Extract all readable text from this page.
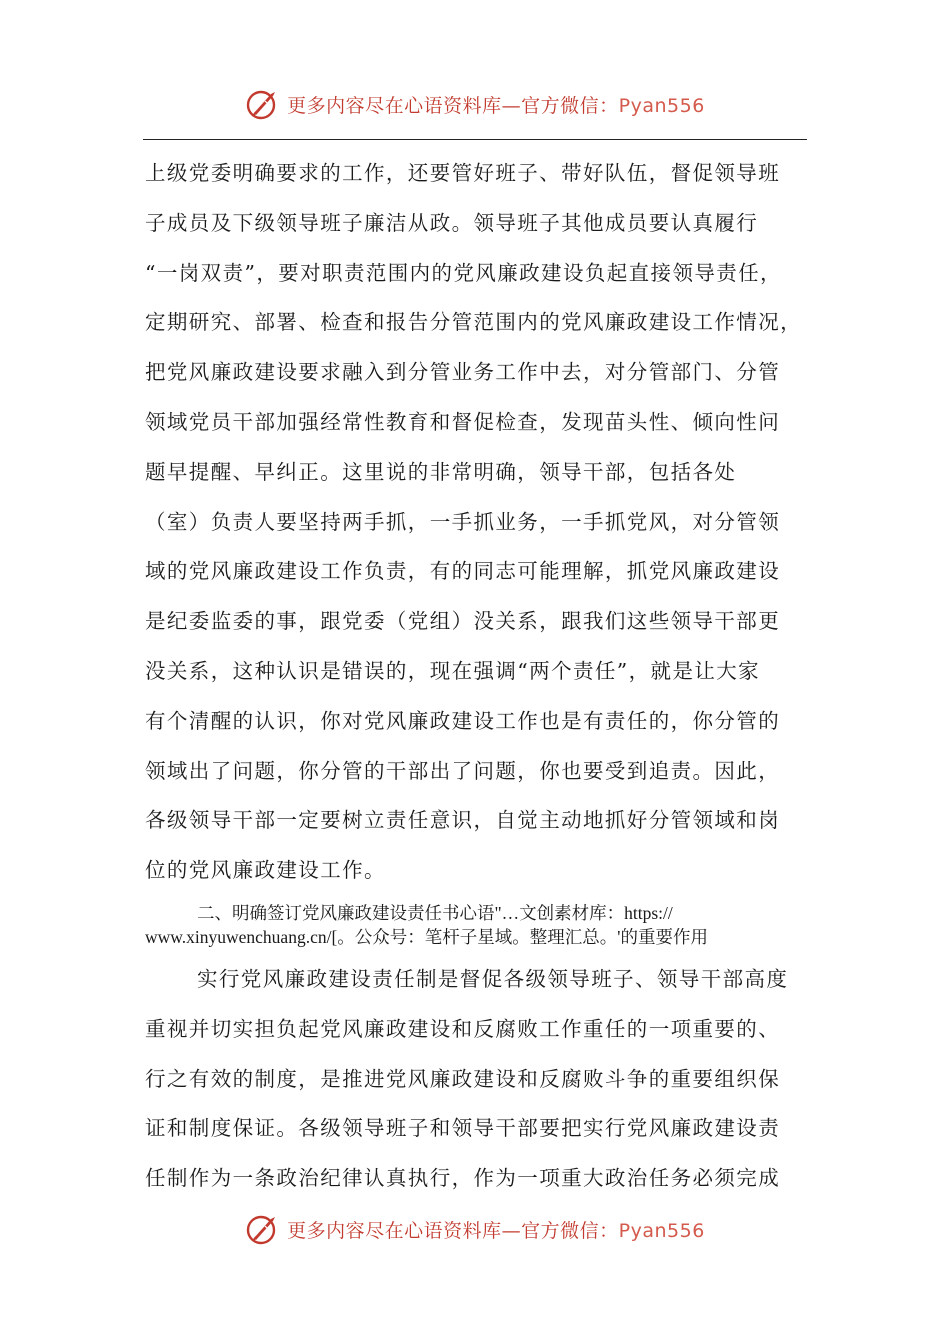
更多内容尽在心语资料库—官方微信：Pyan556
上级党委明确要求的工作，还要管好班子、带好队伍，督促领导班
子成员及下级领导班子廉洁从政。领导班子其他成员要认真履行
“一岗双责”，要对职责范围内的党风廉政建设负起直接领导责任，
定期研究、部署、检查和报告分管范围内的党风廉政建设工作情况，
把党风廉政建设要求融入到分管业务工作中去，对分管部门、分管
领域党员干部加强经常性教育和督促检查，发现苗头性、倾向性问
题早提醒、早纠正。这里说的非常明确，领导干部，包括各处
（室）负责人要坚持两手抓，一手抓业务，一手抓党风，对分管领
域的党风廉政建设工作负责，有的同志可能理解，抓党风廉政建设
是纪委监委的事，跟党委（党组）没关系，跟我们这些领导干部更
没关系，这种认识是错误的，现在强调“两个责任”，就是让大家
有个清醒的认识，你对党风廉政建设工作也是有责任的，你分管的
领域出了问题，你分管的干部出了问题，你也要受到追责。因此，
各级领导干部一定要树立责任意识，自觉主动地抓好分管领域和岗
位的党风廉政建设工作。
二、明确签订党风廉政建设责任书心语"…文创素材库：https://
www.xinyuwenchuang.cn/[。公众号：笔杆子星域。整理汇总。'的重要作用
实行党风廉政建设责任制是督促各级领导班子、领导干部高度
重视并切实担负起党风廉政建设和反腐败工作重任的一项重要的、
行之有效的制度，是推进党风廉政建设和反腐败斗争的重要组织保
证和制度保证。各级领导班子和领导干部要把实行党风廉政建设责
任制作为一条政治纪律认真执行，作为一项重大政治任务必须完成
更多内容尽在心语资料库—官方微信：Pyan556
